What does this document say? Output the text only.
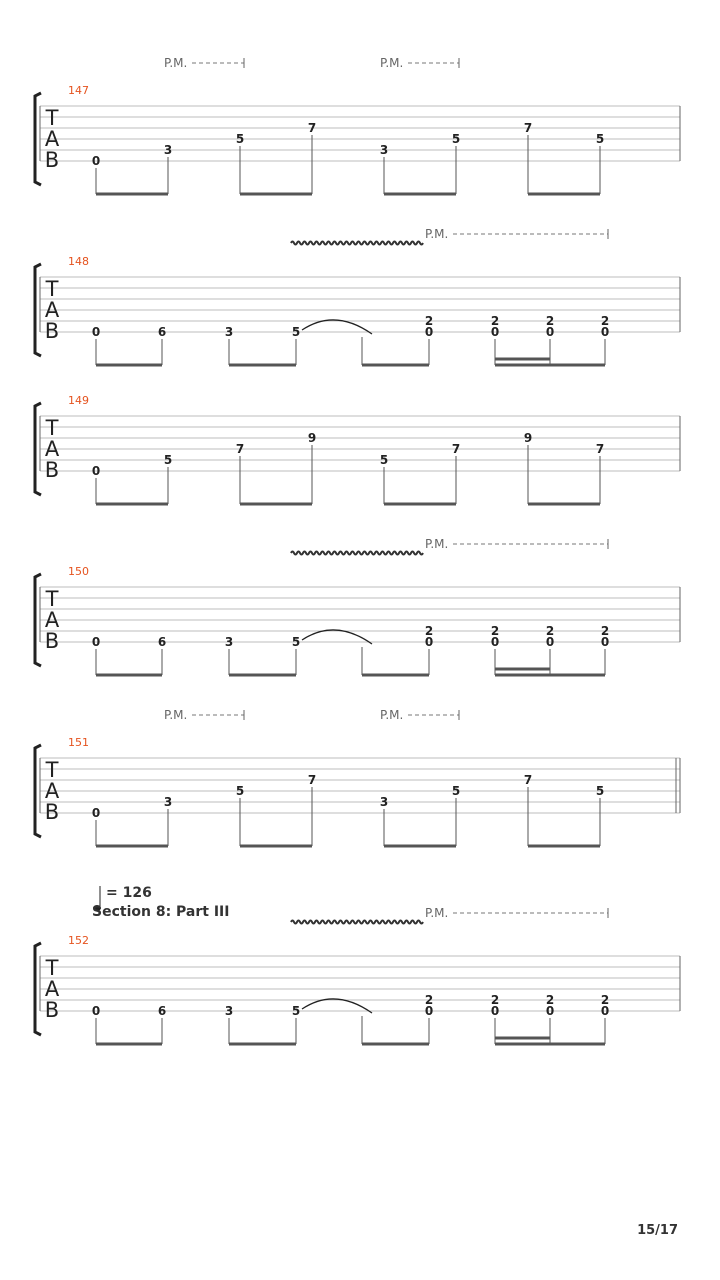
147
T
A
B	0
3
5
7
3
5
7
5
P.M.	P.M.
148
T
A
B	0	6	3	5
2
0
2
0
2
0
2
0
P.M.
149
T
A
B	0
5
7
9
5
7
9
7
150
T
A
B	0	6	3	5
2
0
2
0
2
0
2
0
P.M.
151
T
A
B	0
3
5
7
3
5
7
5
P.M.	P.M.
152
T
A
B	0	6	3	5
2
0
2
0
2
0
2
0
P.M.
= 126
Section 8: Part III
15/17
